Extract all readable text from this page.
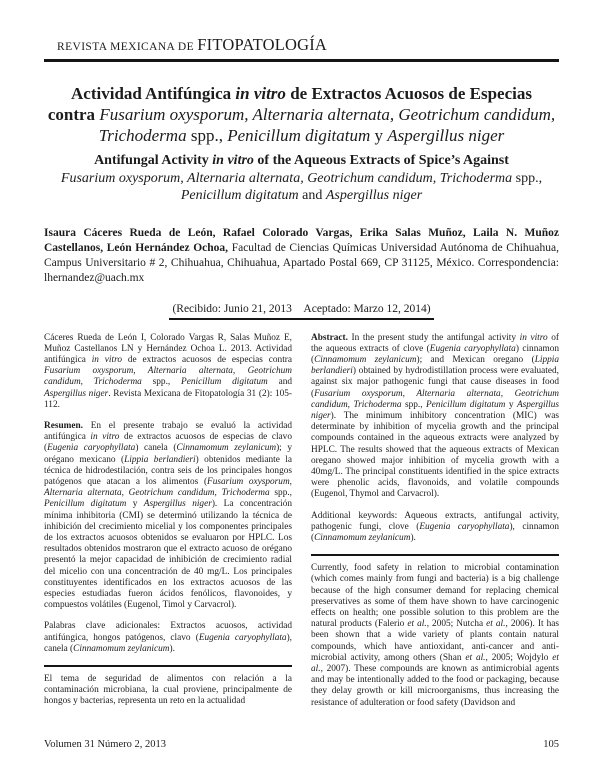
REVISTA MEXICANA DE FITOPATOLOGÍA
Actividad Antifúngica in vitro de Extractos Acuosos de Especias contra Fusarium oxysporum, Alternaria alternata, Geotrichum candidum, Trichoderma spp., Penicillum digitatum y Aspergillus niger
Antifungal Activity in vitro of the Aqueous Extracts of Spice’s Against
Fusarium oxysporum, Alternaria alternata, Geotrichum candidum, Trichoderma spp., Penicillum digitatum and Aspergillus niger

Isaura Cáceres Rueda de León, Rafael Colorado Vargas, Erika Salas Muñoz, Laila N. Muñoz Castellanos, León Hernández Ochoa, Facultad de Ciencias Químicas Universidad Autónoma de Chihuahua, Campus Universitario # 2, Chihuahua, Chihuahua, Apartado Postal 669, CP 31125, México. Correspondencia: lhernandez@uach.mx

(Recibido: Junio 21, 2013    Aceptado: Marzo 12, 2014)

Cáceres Rueda de León I, Colorado Vargas R, Salas Muñoz E, Muñoz Castellanos LN y Hernández Ochoa L. 2013. Actividad antifúngica in vitro de extractos acuosos de especias contra Fusarium oxysporum, Alternaria alternata, Geotrichum candidum, Trichoderma spp., Penicillum digitatum and Aspergillus niger. Revista Mexicana de Fitopatología 31 (2): 105-112.

Resumen. En el presente trabajo se evaluó la actividad antifúngica in vitro de extractos acuosos de especias de clavo (Eugenia caryophyllata) canela (Cinnamomum zeylanicum); y orégano mexicano (Lippia berlandieri) obtenidos mediante la técnica de hidrodestilación, contra seis de los principales hongos patógenos que atacan a los alimentos (Fusarium oxysporum, Alternaria alternata, Geotrichum candidum, Trichoderma spp., Penicillum digitatum y Aspergillus niger). La concentración mínima inhibitoria (CMI) se determinó utilizando la técnica de inhibición del crecimiento micelial y los componentes principales de los extractos acuosos obtenidos se evaluaron por HPLC. Los resultados obtenidos mostraron que el extracto acuoso de orégano presentó la mejor capacidad de inhibición de crecimiento radial del micelio con una concentración de 40 mg/L. Los principales constituyentes identificados en los extractos acuosos de las especies estudiadas fueron ácidos fenólicos, flavonoides, y compuestos volátiles (Eugenol, Timol y Carvacrol).

Palabras clave adicionales: Extractos acuosos, actividad antifúngica, hongos patógenos, clavo (Eugenia caryophyllata), canela (Cinnamomum zeylanicum).

El tema de seguridad de alimentos con relación a la contaminación microbiana, la cual proviene, principalmente de hongos y bacterias, representa un reto en la actualidad

Abstract. In the present study the antifungal activity in vitro of the aqueous extracts of clove (Eugenia caryophyllata) cinnamon (Cinnamomum zeylanicum); and Mexican oregano (Lippia berlandieri) obtained by hydrodistillation process were evaluated, against six major pathogenic fungi that cause diseases in food (Fusarium oxysporum, Alternaria alternata, Geotrichum candidum, Trichoderma spp., Penicillum digitatum y Aspergillus niger). The minimum inhibitory concentration (MIC) was determinate by inhibition of mycelia growth and the principal compounds contained in the aqueous extracts were analyzed by HPLC. The results showed that the aqueous extracts of Mexican oregano showed major inhibition of mycelia growth with a 40mg/L. The principal constituents identified in the spice extracts were phenolic acids, flavonoids, and volatile compounds (Eugenol, Thymol and Carvacrol).

Additional keywords: Aqueous extracts, antifungal activity, pathogenic fungi, clove (Eugenia caryophyllata), cinnamon (Cinnamomum zeylanicum).

Currently, food safety in relation to microbial contamination (which comes mainly from fungi and bacteria) is a big challenge because of the high consumer demand for replacing chemical preservatives as some of them have shown to have carcinogenic effects on health; one possible solution to this problem are the natural products (Falerio et al., 2005; Nutcha et al., 2006). It has been shown that a wide variety of plants contain natural compounds, which have antioxidant, anti-cancer and anti-microbial activity, among others (Shan et al., 2005; Wojdylo et al., 2007). These compounds are known as antimicrobial agents and may be intentionally added to the food or packaging, because they delay growth or kill microorganisms, thus increasing the resistance of adulteration or food safety (Davidson and

Volumen 31 Número 2, 2013	105
